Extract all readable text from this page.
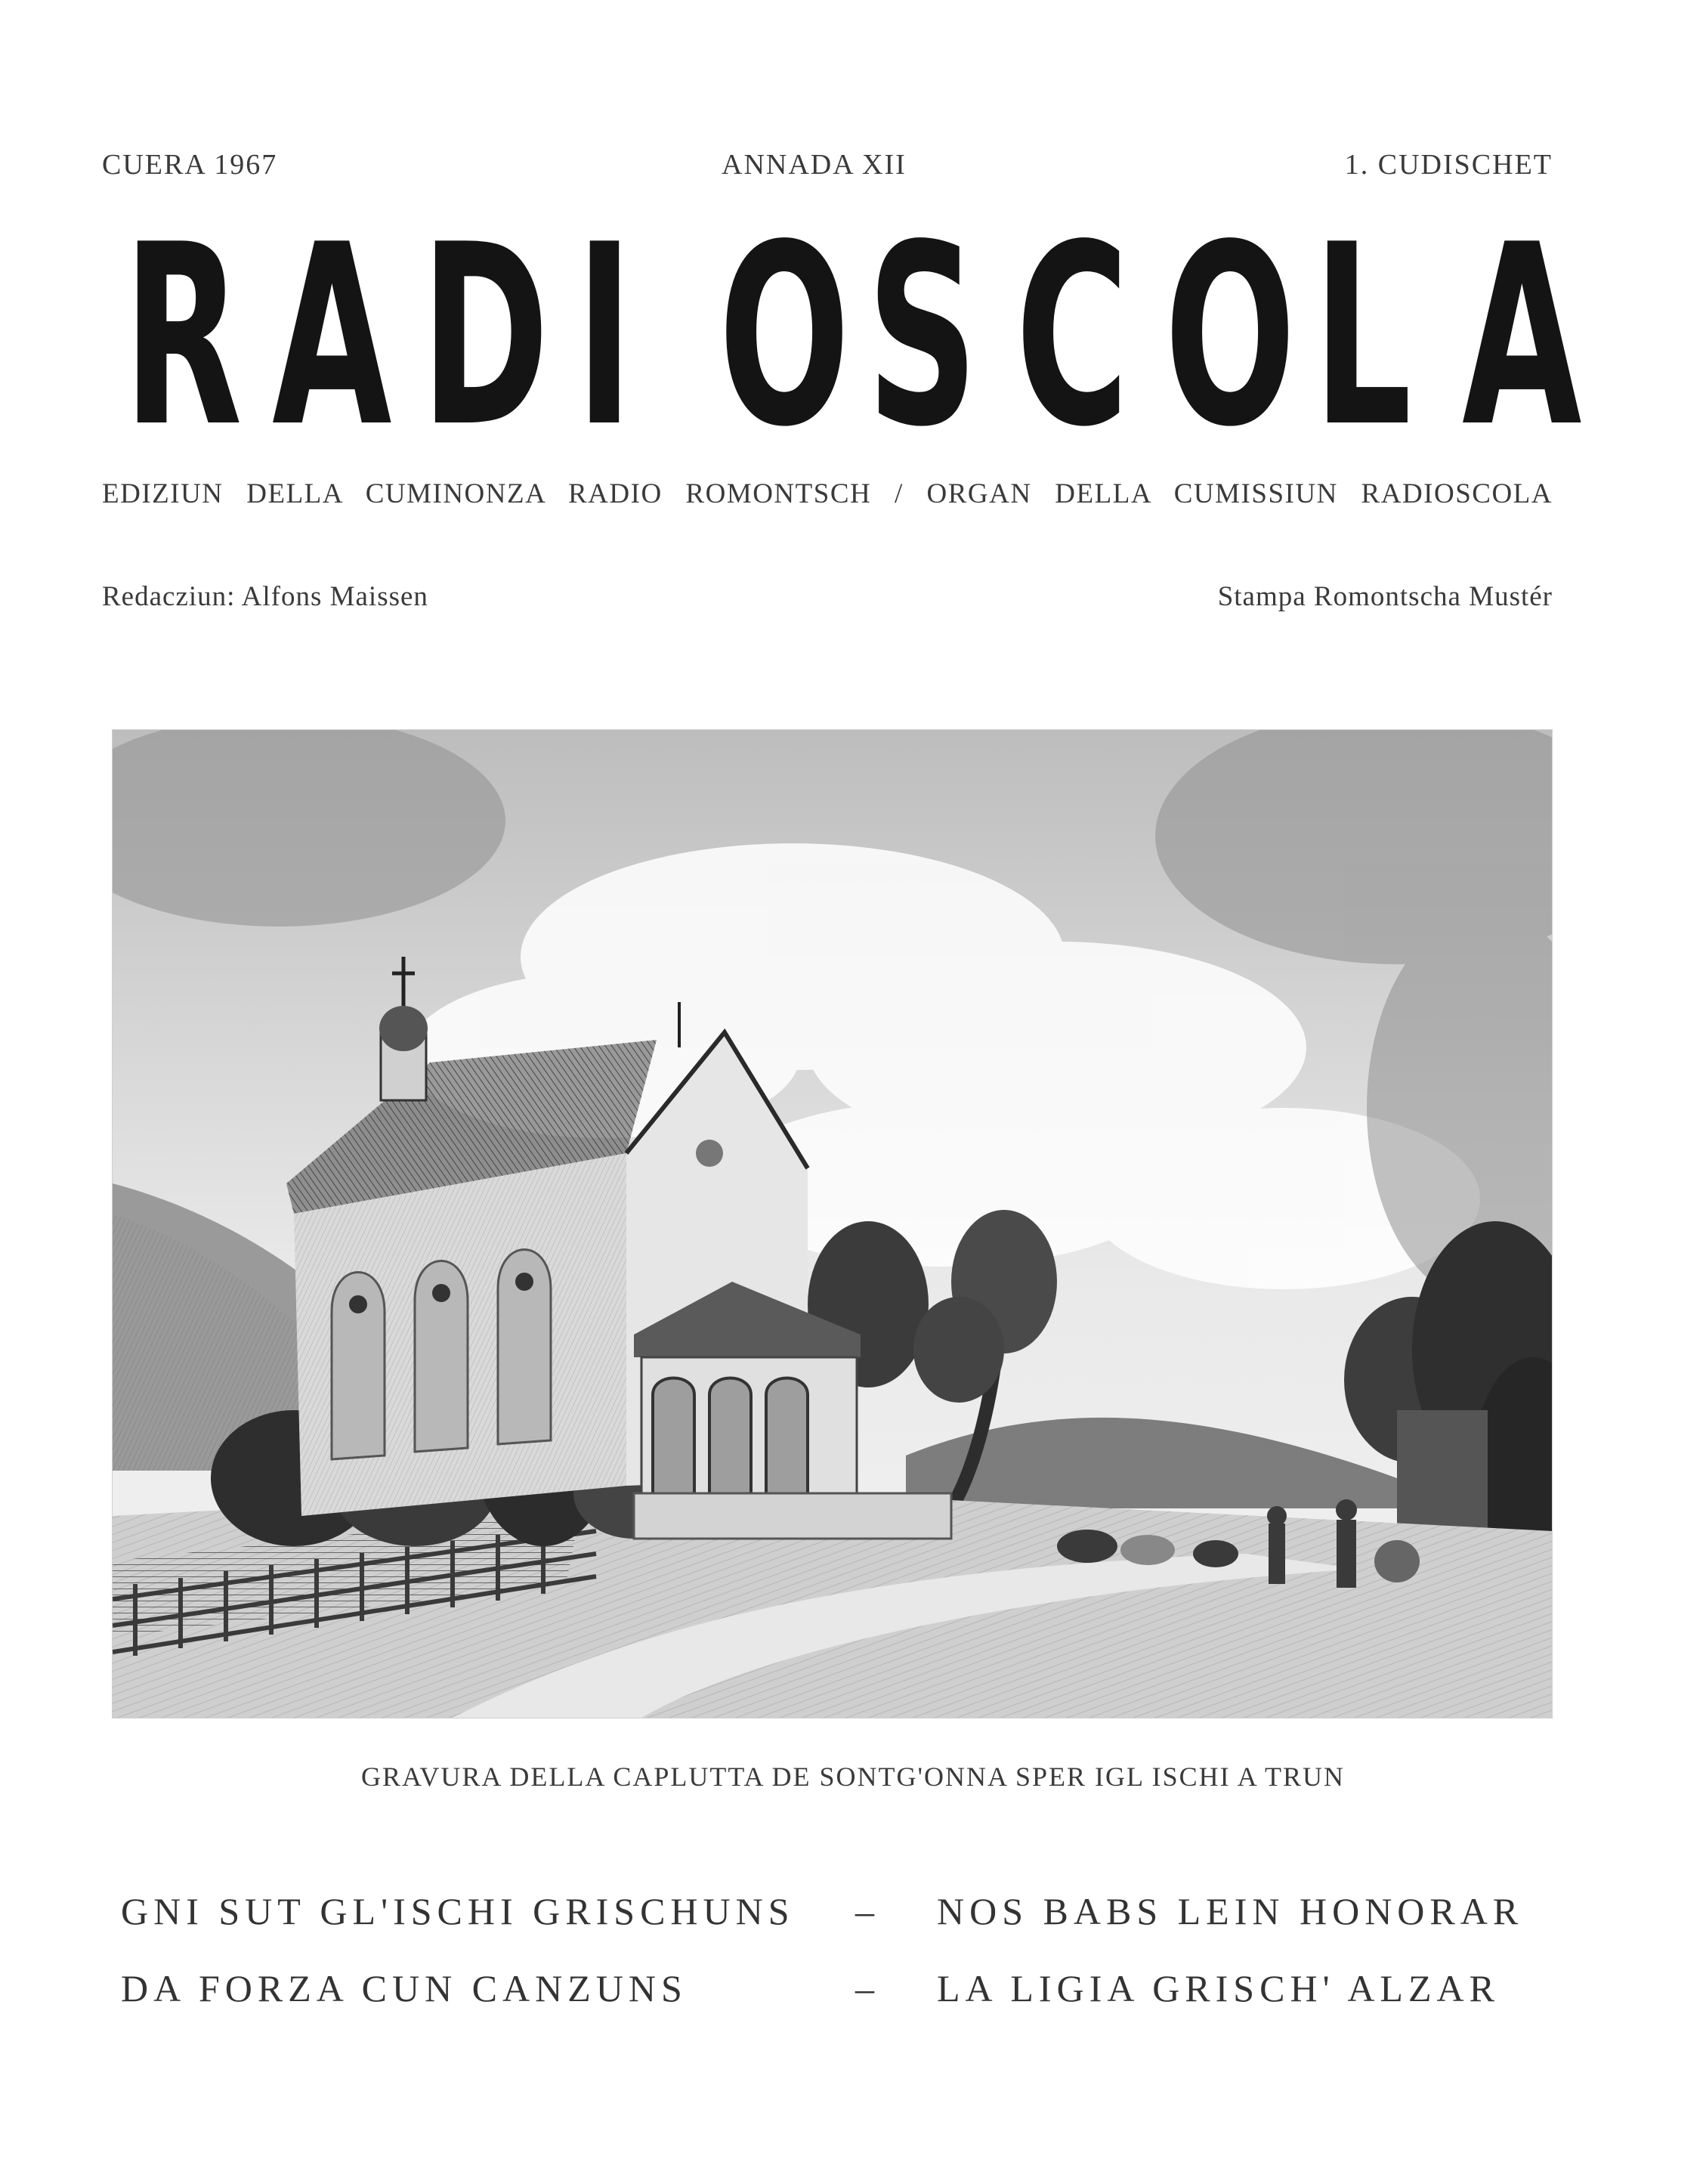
CUERA 1967	ANNADA XII	1. CUDISCHET
R A D I O S C O L A
EDIZIUN DELLA CUMINONZA RADIO ROMONTSCH / ORGAN DELLA CUMISSIUN RADIOSCOLA
Redacziun: Alfons Maissen	Stampa Romontscha Mustér
GRAVURA DELLA CAPLUTTA DE SONTG'ONNA SPER IGL ISCHI A TRUN
GNI SUT GL'ISCHI GRISCHUNS – NOS BABS LEIN HONORAR
DA FORZA CUN CANZUNS	– LA LIGIA GRISCH' ALZAR
